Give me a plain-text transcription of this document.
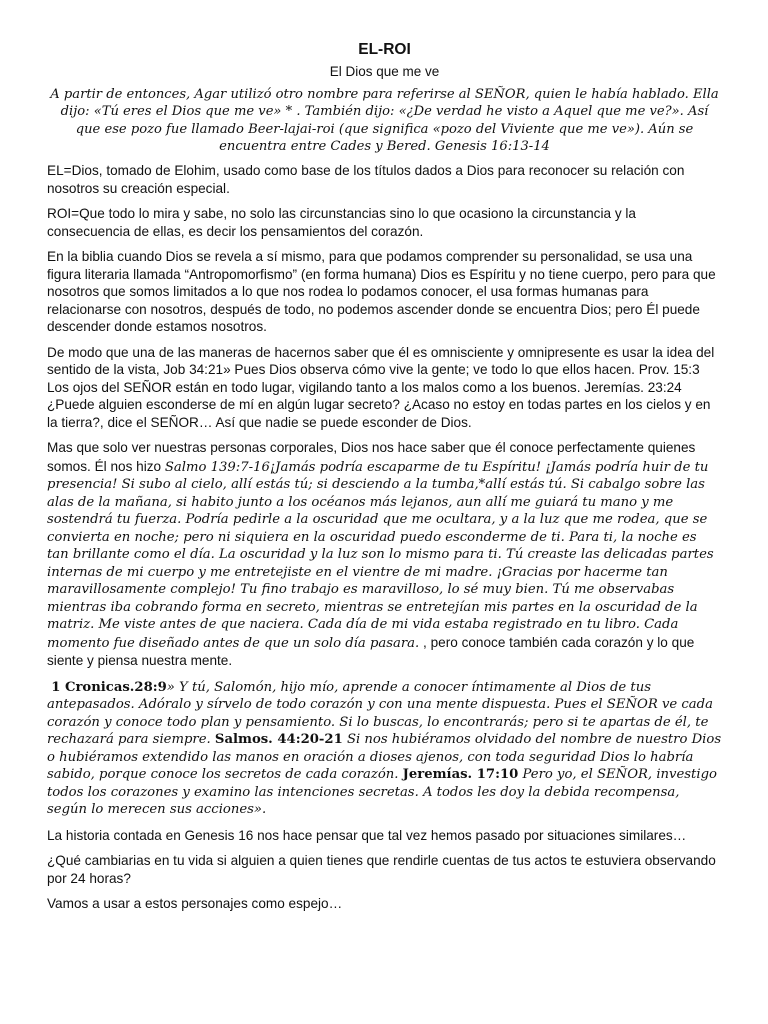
EL-ROI

El Dios que me ve

A partir de entonces, Agar utilizó otro nombre para referirse al SEÑOR, quien le había hablado. Ella dijo: «Tú eres el Dios que me ve» * . También dijo: «¿De verdad he visto a Aquel que me ve?». Así que ese pozo fue llamado Beer-lajai-roi (que significa «pozo del Viviente que me ve»). Aún se encuentra entre Cades y Bered. Genesis 16:13-14

EL=Dios, tomado de Elohim, usado como base de los títulos dados a Dios para reconocer su relación con nosotros su creación especial.

ROI=Que todo lo mira y sabe, no solo las circunstancias sino lo que ocasiono la circunstancia y la consecuencia de ellas, es decir los pensamientos del corazón.

En la biblia cuando Dios se revela a sí mismo, para que podamos comprender su personalidad, se usa una figura literaria llamada “Antropomorfismo” (en forma humana) Dios es Espíritu y no tiene cuerpo, pero para que nosotros que somos limitados a lo que nos rodea lo podamos conocer, el usa formas humanas para relacionarse con nosotros, después de todo, no podemos ascender donde se encuentra Dios; pero Él puede descender donde estamos nosotros.

De modo que una de las maneras de hacernos saber que él es omnisciente y omnipresente es usar la idea del sentido de la vista, Job 34:21» Pues Dios observa cómo vive la gente; ve todo lo que ellos hacen. Prov. 15:3 Los ojos del SEÑOR están en todo lugar, vigilando tanto a los malos como a los buenos. Jeremías. 23:24 ¿Puede alguien esconderse de mí en algún lugar secreto? ¿Acaso no estoy en todas partes en los cielos y en la tierra?, dice el SEÑOR… Así que nadie se puede esconder de Dios.

Mas que solo ver nuestras personas corporales, Dios nos hace saber que él conoce perfectamente quienes somos. Él nos hizo Salmo 139:7-16¡Jamás podría escaparme de tu Espíritu! ¡Jamás podría huir de tu presencia! Si subo al cielo, allí estás tú; si desciendo a la tumba,*allí estás tú. Si cabalgo sobre las alas de la mañana, si habito junto a los océanos más lejanos, aun allí me guiará tu mano y me sostendrá tu fuerza. Podría pedirle a la oscuridad que me ocultara, y a la luz que me rodea, que se convierta en noche; pero ni siquiera en la oscuridad puedo esconderme de ti. Para ti, la noche es tan brillante como el día. La oscuridad y la luz son lo mismo para ti. Tú creaste las delicadas partes internas de mi cuerpo y me entretejiste en el vientre de mi madre. ¡Gracias por hacerme tan maravillosamente complejo! Tu fino trabajo es maravilloso, lo sé muy bien. Tú me observabas mientras iba cobrando forma en secreto, mientras se entretejían mis partes en la oscuridad de la matriz. Me viste antes de que naciera. Cada día de mi vida estaba registrado en tu libro. Cada momento fue diseñado antes de que un solo día pasara. , pero conoce también cada corazón y lo que siente y piensa nuestra mente.

1 Cronicas.28:9» Y tú, Salomón, hijo mío, aprende a conocer íntimamente al Dios de tus antepasados. Adóralo y sírvelo de todo corazón y con una mente dispuesta. Pues el SEÑOR ve cada corazón y conoce todo plan y pensamiento. Si lo buscas, lo encontrarás; pero si te apartas de él, te rechazará para siempre. Salmos. 44:20-21 Si nos hubiéramos olvidado del nombre de nuestro Dios o hubiéramos extendido las manos en oración a dioses ajenos, con toda seguridad Dios lo habría sabido, porque conoce los secretos de cada corazón. Jeremías. 17:10 Pero yo, el SEÑOR, investigo todos los corazones y examino las intenciones secretas. A todos les doy la debida recompensa, según lo merecen sus acciones».

La historia contada en Genesis 16 nos hace pensar que tal vez hemos pasado por situaciones similares…

¿Qué cambiarias en tu vida si alguien a quien tienes que rendirle cuentas de tus actos te estuviera observando por 24 horas?

Vamos a usar a estos personajes como espejo…
